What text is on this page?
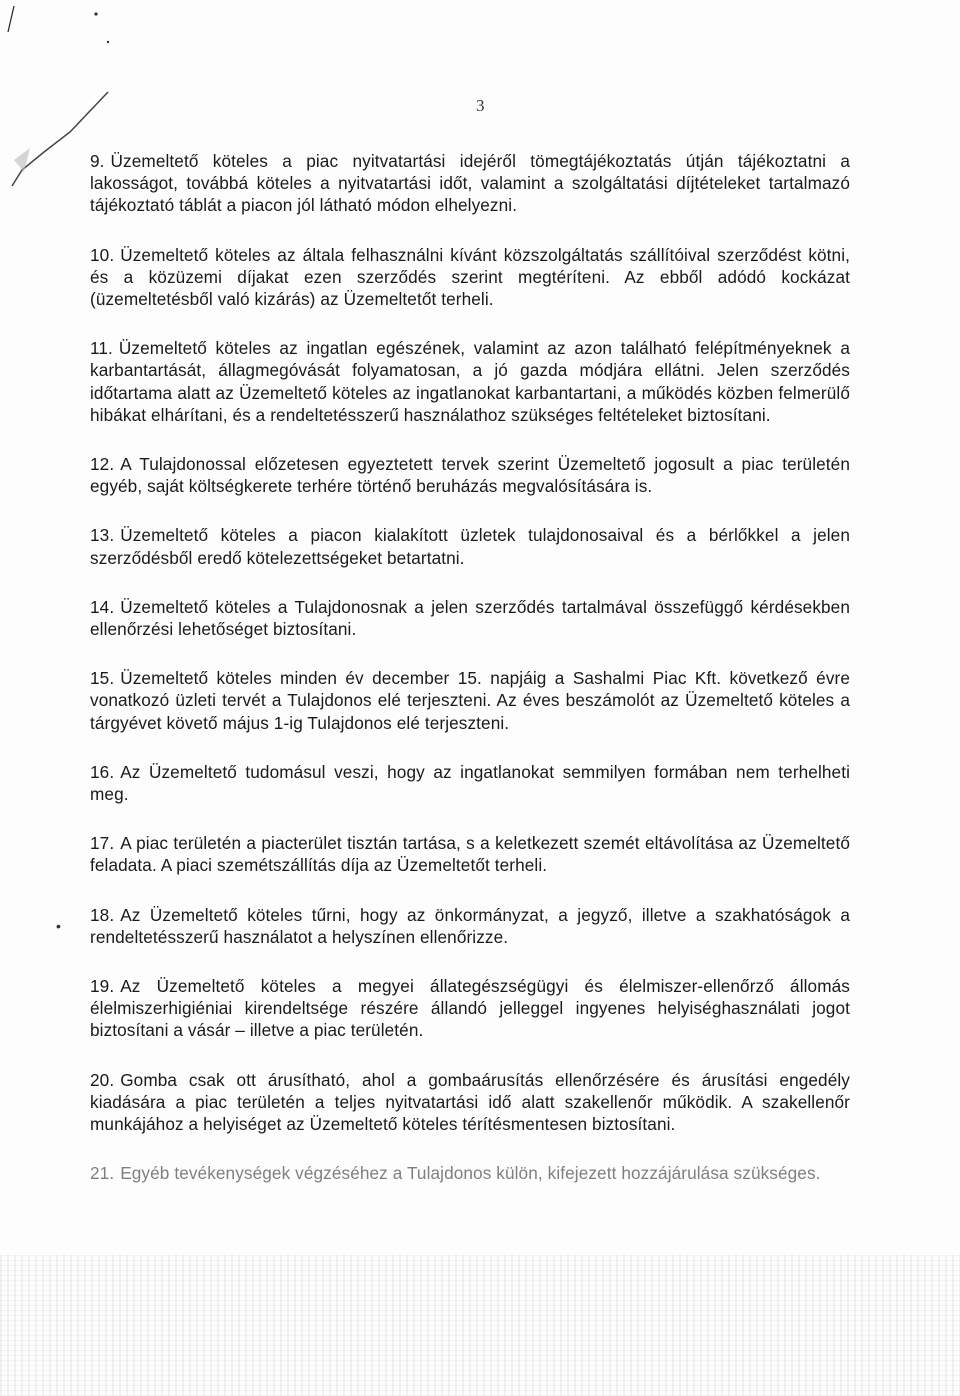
3

9. Üzemeltető köteles a piac nyitvatartási idejéről tömegtájékoztatás útján tájékoztatni a lakosságot, továbbá köteles a nyitvatartási időt, valamint a szolgáltatási díjtételeket tartalmazó tájékoztató táblát a piacon jól látható módon elhelyezni.

10. Üzemeltető köteles az általa felhasználni kívánt közszolgáltatás szállítóival szerződést kötni, és a közüzemi díjakat ezen szerződés szerint megtéríteni. Az ebből adódó kockázat (üzemeltetésből való kizárás) az Üzemeltetőt terheli.

11. Üzemeltető köteles az ingatlan egészének, valamint az azon található felépítményeknek a karbantartását, állagmegóvását folyamatosan, a jó gazda módjára ellátni. Jelen szerződés időtartama alatt az Üzemeltető köteles az ingatlanokat karbantartani, a működés közben felmerülő hibákat elhárítani, és a rendeltetésszerű használathoz szükséges feltételeket biztosítani.

12. A Tulajdonossal előzetesen egyeztetett tervek szerint Üzemeltető jogosult a piac területén egyéb, saját költségkerete terhére történő beruházás megvalósítására is.

13. Üzemeltető köteles a piacon kialakított üzletek tulajdonosaival és a bérlőkkel a jelen szerződésből eredő kötelezettségeket betartatni.

14. Üzemeltető köteles a Tulajdonosnak a jelen szerződés tartalmával összefüggő kérdésekben ellenőrzési lehetőséget biztosítani.

15. Üzemeltető köteles minden év december 15. napjáig a Sashalmi Piac Kft. következő évre vonatkozó üzleti tervét a Tulajdonos elé terjeszteni. Az éves beszámolót az Üzemeltető köteles a tárgyévet követő május 1-ig Tulajdonos elé terjeszteni.

16. Az Üzemeltető tudomásul veszi, hogy az ingatlanokat semmilyen formában nem terhelheti meg.

17. A piac területén a piacterület tisztán tartása, s a keletkezett szemét eltávolítása az Üzemeltető feladata. A piaci szemétszállítás díja az Üzemeltetőt terheli.

18. Az Üzemeltető köteles tűrni, hogy az önkormányzat, a jegyző, illetve a szakhatóságok a rendeltetésszerű használatot a helyszínen ellenőrizze.

19. Az Üzemeltető köteles a megyei állategészségügyi és élelmiszer-ellenőrző állomás élelmiszerhigiéniai kirendeltsége részére állandó jelleggel ingyenes helyiséghasználati jogot biztosítani a vásár – illetve a piac területén.

20. Gomba csak ott árusítható, ahol a gombaárusítás ellenőrzésére és árusítási engedély kiadására a piac területén a teljes nyitvatartási idő alatt szakellenőr működik. A szakellenőr munkájához a helyiséget az Üzemeltető köteles térítésmentesen biztosítani.

21. Egyéb tevékenységek végzéséhez a Tulajdonos külön, kifejezett hozzájárulása szükséges.

•
